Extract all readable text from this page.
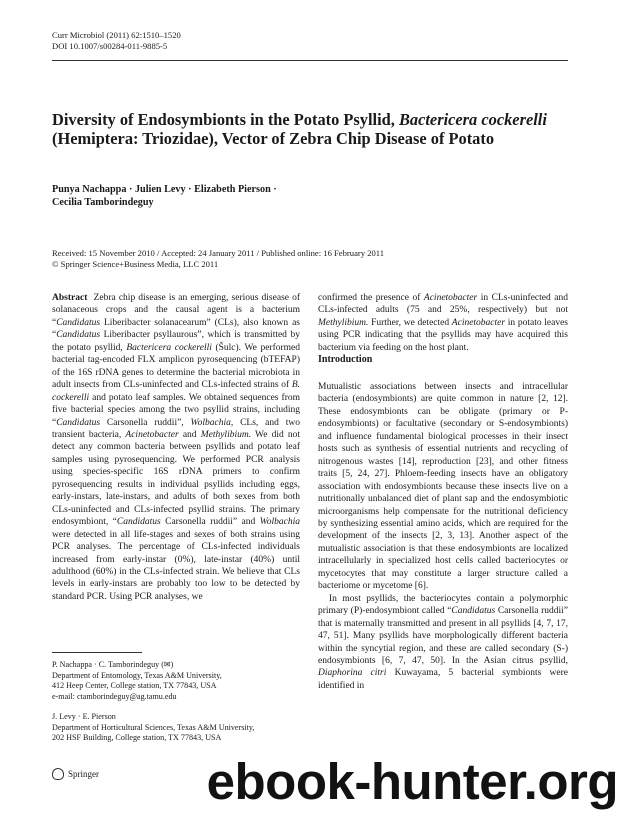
Curr Microbiol (2011) 62:1510–1520
DOI 10.1007/s00284-011-9885-5
Diversity of Endosymbionts in the Potato Psyllid, Bactericera cockerelli (Hemiptera: Triozidae), Vector of Zebra Chip Disease of Potato
Punya Nachappa · Julien Levy · Elizabeth Pierson ·
Cecilia Tamborindeguy
Received: 15 November 2010 / Accepted: 24 January 2011 / Published online: 16 February 2011
© Springer Science+Business Media, LLC 2011

Abstract Zebra chip disease is an emerging, serious disease of solanaceous crops and the causal agent is a bacterium “Candidatus Liberibacter solanacearum” (CLs), also known as “Candidatus Liberibacter psyllaurous”, which is transmitted by the potato psyllid, Bactericera cockerelli (Šulc). We performed bacterial tag-encoded FLX amplicon pyrosequencing (bTEFAP) of the 16S rDNA genes to determine the bacterial microbiota in adult insects from CLs-uninfected and CLs-infected strains of B. cockerelli and potato leaf samples. We obtained sequences from five bacterial species among the two psyllid strains, including “Candidatus Carsonella ruddii”, Wolbachia, CLs, and two transient bacteria, Acinetobacter and Methylibium. We did not detect any common bacteria between psyllids and potato leaf samples using pyrosequencing. We performed PCR analysis using species-specific 16S rDNA primers to confirm pyrosequencing results in individual psyllids including eggs, early-instars, late-instars, and adults of both sexes from both CLs-uninfected and CLs-infected psyllid strains. The primary endosymbiont, “Candidatus Carsonella ruddii” and Wolbachia were detected in all life-stages and sexes of both strains using PCR analyses. The percentage of CLs-infected individuals increased from early-instar (0%), late-instar (40%) until adulthood (60%) in the CLs-infected strain. We believe that CLs levels in early-instars are probably too low to be detected by standard PCR. Using PCR analyses, we

confirmed the presence of Acinetobacter in CLs-uninfected and CLs-infected adults (75 and 25%, respectively) but not Methylibium. Further, we detected Acinetobacter in potato leaves using PCR indicating that the psyllids may have acquired this bacterium via feeding on the host plant.

Introduction

Mutualistic associations between insects and intracellular bacteria (endosymbionts) are quite common in nature [2, 12]. These endosymbionts can be obligate (primary or P-endosymbionts) or facultative (secondary or S-endosymbionts) and influence fundamental biological processes in their insect hosts such as synthesis of essential nutrients and recycling of nitrogenous wastes [14], reproduction [23], and other fitness traits [5, 24, 27]. Phloem-feeding insects have an obligatory association with endosymbionts because these insects live on a nutritionally unbalanced diet of plant sap and the endosymbiotic microorganisms help compensate for the nutritional deficiency by synthesizing essential amino acids, which are required for the development of the insects [2, 3, 13]. Another aspect of the mutualistic association is that these endosymbionts are localized intracellularly in specialized host cells called bacteriocytes or mycetocytes that may constitute a larger structure called a bacteriome or mycetome [6].

In most psyllids, the bacteriocytes contain a polymorphic primary (P)-endosymbiont called “Candidatus Carsonella ruddii” that is maternally transmitted and present in all psyllids [4, 7, 17, 47, 51]. Many psyllids have morphologically different bacteria within the syncytial region, and these are called secondary (S-) endosymbionts [6, 7, 47, 50]. In the Asian citrus psyllid, Diaphorina citri Kuwayama, 5 bacterial symbionts were identified in

P. Nachappa · C. Tamborindeguy (✉)
Department of Entomology, Texas A&M University,
412 Heep Center, College station, TX 77843, USA
e-mail: ctamborindeguy@ag.tamu.edu
J. Levy · E. Pierson
Department of Horticultural Sciences, Texas A&M University,
202 HSF Building, College station, TX 77843, USA
Springer	ebook-hunter.org
